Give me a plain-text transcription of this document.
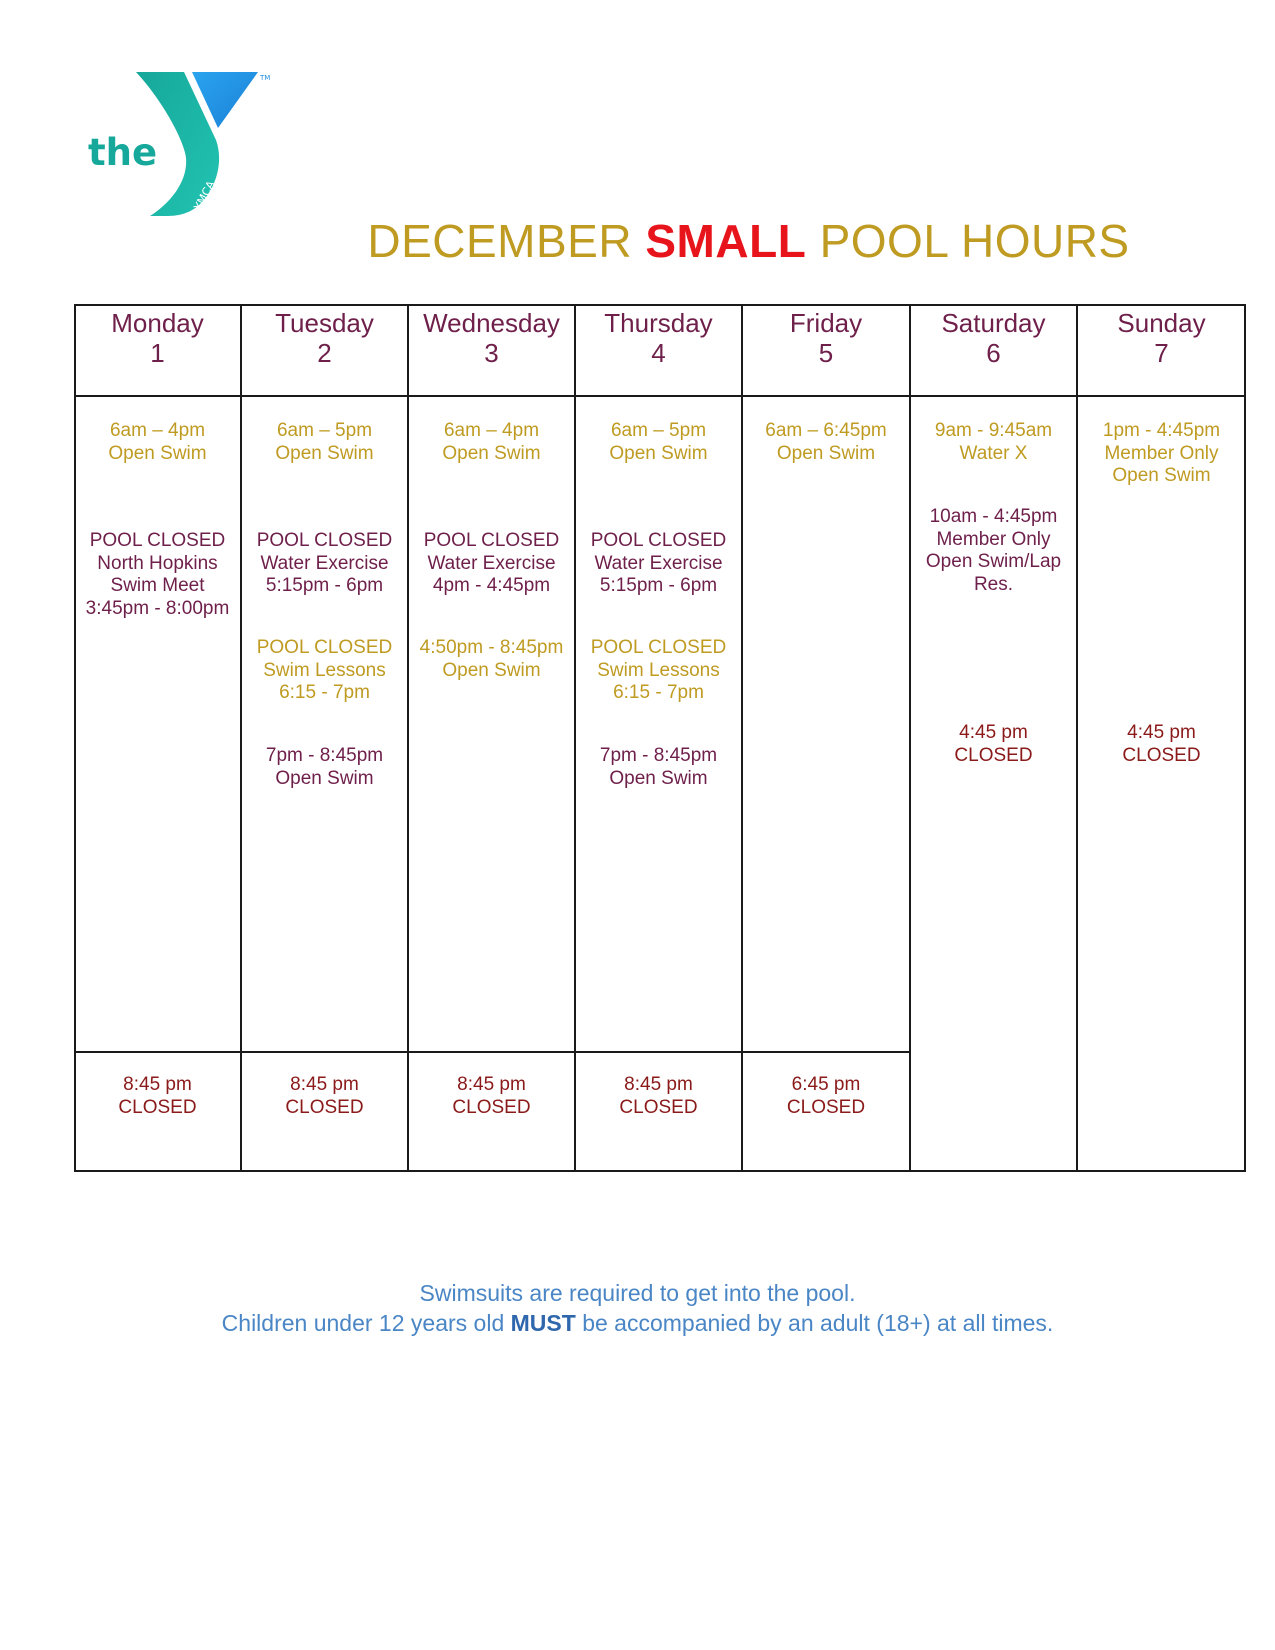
the
YMCA
TM
DECEMBER SMALL POOL HOURS
Monday
1
Tuesday
2
Wednesday
3
Thursday
4
Friday
5
Saturday
6
Sunday
7
6am – 4pm
Open Swim
POOL CLOSED
North Hopkins
Swim Meet
3:45pm - 8:00pm
8:45 pm
CLOSED
6am – 5pm
Open Swim
POOL CLOSED
Water Exercise
5:15pm - 6pm
POOL CLOSED
Swim Lessons
6:15 - 7pm
7pm - 8:45pm
Open Swim
8:45 pm
CLOSED
6am – 4pm
Open Swim
POOL CLOSED
Water Exercise
4pm - 4:45pm
4:50pm - 8:45pm
Open Swim
8:45 pm
CLOSED
6am – 5pm
Open Swim
POOL CLOSED
Water Exercise
5:15pm - 6pm
POOL CLOSED
Swim Lessons
6:15 - 7pm
7pm - 8:45pm
Open Swim
8:45 pm
CLOSED
6am – 6:45pm
Open Swim
6:45 pm
CLOSED
9am - 9:45am
Water X
10am - 4:45pm
Member Only
Open Swim/Lap
Res.
4:45 pm
CLOSED
1pm - 4:45pm
Member Only
Open Swim
4:45 pm
CLOSED
Swimsuits are required to get into the pool.
Children under 12 years old MUST be accompanied by an adult (18+) at all times.
